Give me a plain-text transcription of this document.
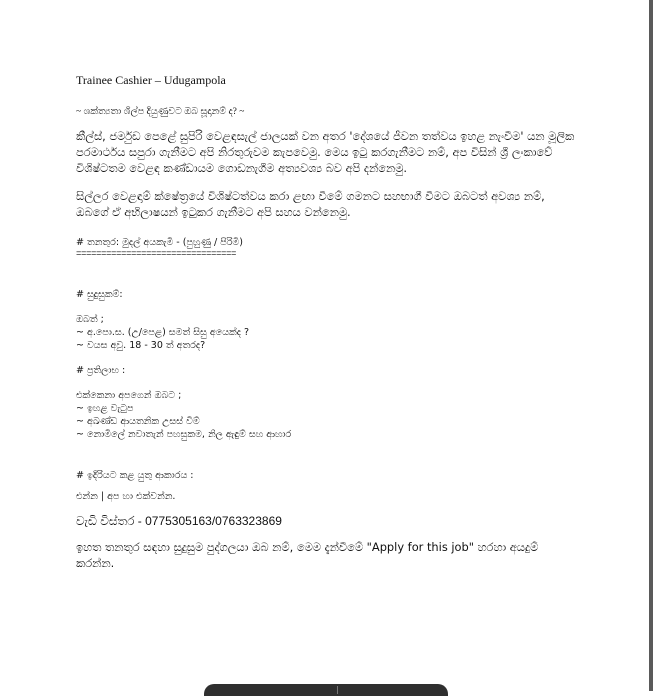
Trainee Cashier – Udugampola

~ ශක්ත්‍යතා ශිල්ප දියුණුවට ඔබ සූදානම් ද? ~

කීල්ස්, ජර්මුඩ පෙළේ සුපිරි වෙළඳසැල් ජාලයක් වන අතර 'දේශයේ ජීවන තත්වය ඉහළ නැංවීම' යන මූලික පරමාර්ථය සපුරා ගැනීමට අපි නිරතුරුවම කැපවෙමු. මෙය ඉටු කරගැනීමට නම්, අප විසින් ශ්‍රී ලංකාවේ විශිෂ්ටතම වෙළඳ කණ්ඩායම ගොඩනැගීම අත්‍යවශ්‍ය බව අපි දන්නෙමු.

සිල්ලර වෙළඳාම් ක්ෂේත්‍රයේ විශිෂ්ටත්වය කරා ළඟා වීමේ ගමනට සහභාගී වීමට ඔබටත් අවශ්‍ය නම්, ඔබගේ ඒ අභිලාෂයන් ඉටුකර ගැනීමට අපි සහය වන්නෙමු.

# තනතුර: මුදල් අයකැමි - (පුහුණු / පිරිමි)

================================

# සුදුසුකම්:

ඔබත් ;

~ අ.පො.ස. (උ/පෙළ) සමත් සිසු අයෙක්ද ?

~ වයස අවු. 18 - 30 ත් අතරද?

# ප්‍රතිලාභ :

එක්කෙනා අපගෙන් ඔබට ;

~ ඉහළ වැටුප

~ අඛණ්ඩ ආයතනික උසස් වීම්

~ නොමිලේ නවාතැන් පහසුකම, නිල ඇඳුම් සහ ආහාර

# ඉදිරියට කළ යුතු ආකාරය :

එන්න | අප හා එක්වන්න.

වැඩි විස්තර - 0775305163/0763323869

ඉහත තනතුර සඳහා සුදුසුම පුද්ගලයා ඔබ නම්, මෙම දැන්වීමේ "Apply for this job" හරහා අයදුම් කරන්න.
